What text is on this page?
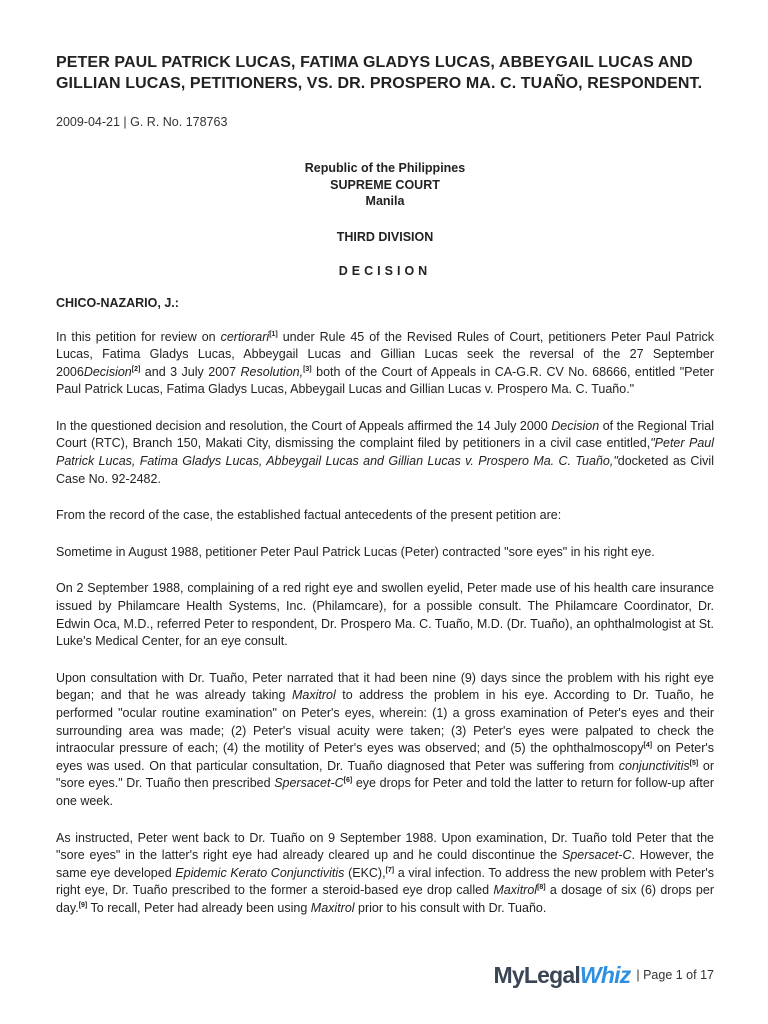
PETER PAUL PATRICK LUCAS, FATIMA GLADYS LUCAS, ABBEYGAIL LUCAS AND GILLIAN LUCAS, PETITIONERS, VS. DR. PROSPERO MA. C. TUAÑO, RESPONDENT.
2009-04-21 | G. R. No. 178763
Republic of the Philippines
SUPREME COURT
Manila
THIRD DIVISION
DECISION
CHICO-NAZARIO, J.:

In this petition for review on certiorari[1] under Rule 45 of the Revised Rules of Court, petitioners Peter Paul Patrick Lucas, Fatima Gladys Lucas, Abbeygail Lucas and Gillian Lucas seek the reversal of the 27 September 2006Decision[2] and 3 July 2007 Resolution,[3] both of the Court of Appeals in CA-G.R. CV No. 68666, entitled "Peter Paul Patrick Lucas, Fatima Gladys Lucas, Abbeygail Lucas and Gillian Lucas v. Prospero Ma. C. Tuaño."

In the questioned decision and resolution, the Court of Appeals affirmed the 14 July 2000 Decision of the Regional Trial Court (RTC), Branch 150, Makati City, dismissing the complaint filed by petitioners in a civil case entitled,"Peter Paul Patrick Lucas, Fatima Gladys Lucas, Abbeygail Lucas and Gillian Lucas v. Prospero Ma. C. Tuaño,"docketed as Civil Case No. 92-2482.

From the record of the case, the established factual antecedents of the present petition are:

Sometime in August 1988, petitioner Peter Paul Patrick Lucas (Peter) contracted "sore eyes" in his right eye.

On 2 September 1988, complaining of a red right eye and swollen eyelid, Peter made use of his health care insurance issued by Philamcare Health Systems, Inc. (Philamcare), for a possible consult. The Philamcare Coordinator, Dr. Edwin Oca, M.D., referred Peter to respondent, Dr. Prospero Ma. C. Tuaño, M.D. (Dr. Tuaño), an ophthalmologist at St. Luke's Medical Center, for an eye consult.

Upon consultation with Dr. Tuaño, Peter narrated that it had been nine (9) days since the problem with his right eye began; and that he was already taking Maxitrol to address the problem in his eye. According to Dr. Tuaño, he performed "ocular routine examination" on Peter's eyes, wherein: (1) a gross examination of Peter's eyes and their surrounding area was made; (2) Peter's visual acuity were taken; (3) Peter's eyes were palpated to check the intraocular pressure of each; (4) the motility of Peter's eyes was observed; and (5) the ophthalmoscopy[4] on Peter's eyes was used. On that particular consultation, Dr. Tuaño diagnosed that Peter was suffering from conjunctivitis[5] or "sore eyes." Dr. Tuaño then prescribed Spersacet-C[6] eye drops for Peter and told the latter to return for follow-up after one week.

As instructed, Peter went back to Dr. Tuaño on 9 September 1988. Upon examination, Dr. Tuaño told Peter that the "sore eyes" in the latter's right eye had already cleared up and he could discontinue the Spersacet-C. However, the same eye developed Epidemic Kerato Conjunctivitis (EKC),[7] a viral infection. To address the new problem with Peter's right eye, Dr. Tuaño prescribed to the former a steroid-based eye drop called Maxitrol[8] a dosage of six (6) drops per day.[9] To recall, Peter had already been using Maxitrol prior to his consult with Dr. Tuaño.

My Legal Whiz | Page 1 of 17
